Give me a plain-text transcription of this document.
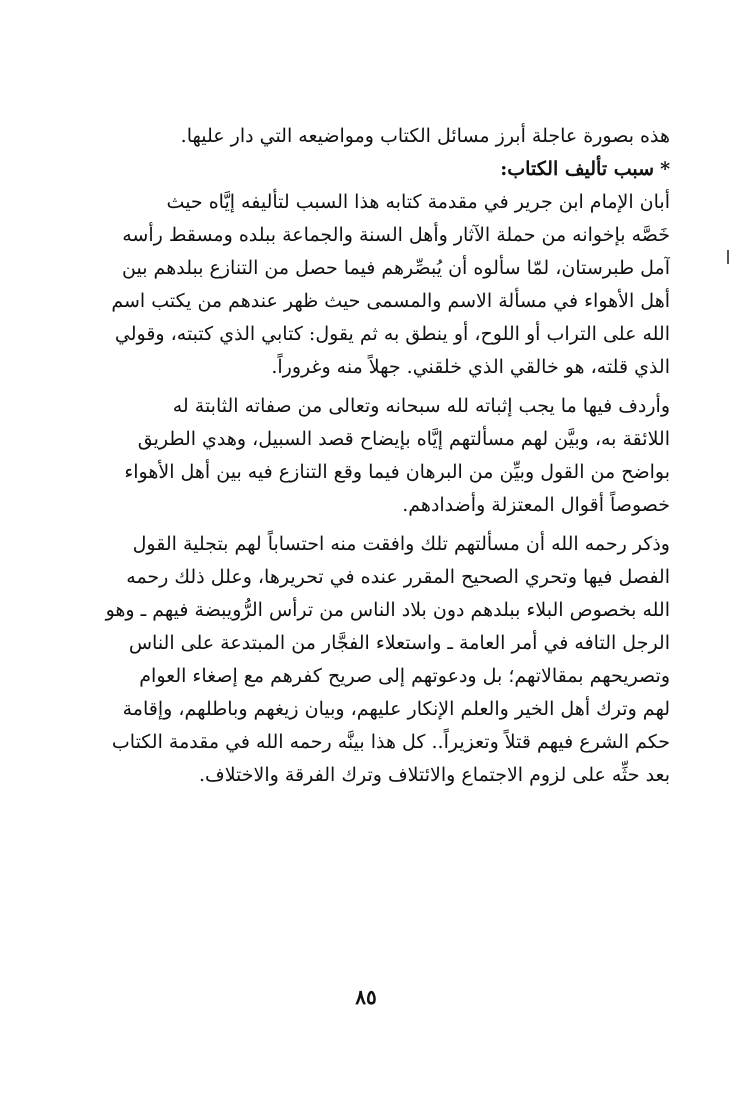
هذه بصورة عاجلة أبرز مسائل الكتاب ومواضيعه التي دار عليها.
*سبب تأليف الكتاب:
أبان الإمام ابن جرير في مقدمة كتابه هذا السبب لتأليفه إيَّاه حيث
خَصَّه بإخوانه من حملة الآثار وأهل السنة والجماعة ببلده ومسقط رأسه
آمل طبرستان، لمّا سألوه أن يُبصِّرهم فيما حصل من التنازع ببلدهم بين
أهل الأهواء في مسألة الاسم والمسمى حيث ظهر عندهم من يكتب اسم
الله على التراب أو اللوح، أو ينطق به ثم يقول: كتابي الذي كتبته، وقولي
الذي قلته، هو خالقي الذي خلقني. جهلاً منه وغروراً.
وأردف فيها ما يجب إثباته لله سبحانه وتعالى من صفاته الثابتة له
اللائقة به، وبيَّن لهم مسألتهم إيَّاه بإيضاح قصد السبيل، وهدي الطريق
بواضح من القول وبيِّن من البرهان فيما وقع التنازع فيه بين أهل الأهواء
خصوصاً أقوال المعتزلة وأضدادهم.
وذكر رحمه الله أن مسألتهم تلك وافقت منه احتساباً لهم بتجلية القول
الفصل فيها وتحري الصحيح المقرر عنده في تحريرها، وعلل ذلك رحمه
الله بخصوص البلاء ببلدهم دون بلاد الناس من ترأس الرُّويبضة فيهم ـ وهو
الرجل التافه في أمر العامة ـ واستعلاء الفجَّار من المبتدعة على الناس
وتصريحهم بمقالاتهم؛ بل ودعوتهم إلى صريح كفرهم مع إصغاء العوام
لهم وترك أهل الخير والعلم الإنكار عليهم، وبيان زيغهم وباطلهم، وإقامة
حكم الشرع فيهم قتلاً وتعزيراً.. كل هذا بينَّه رحمه الله في مقدمة الكتاب
بعد حثِّه على لزوم الاجتماع والائتلاف وترك الفرقة والاختلاف.
٨٥
